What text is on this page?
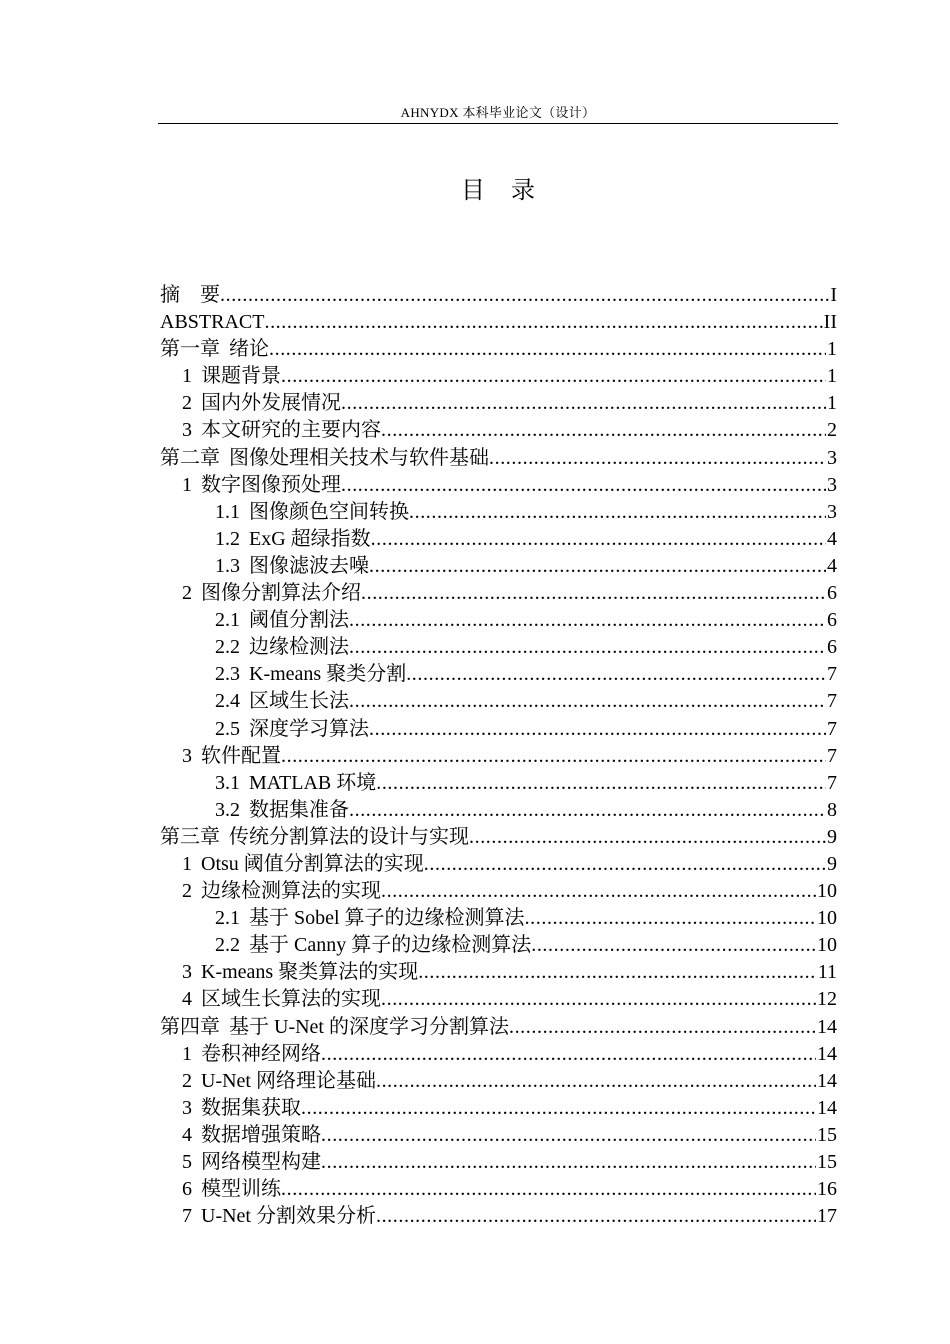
AHNYDX 本科毕业论文（设计）
目录
摘　要 .....	I
ABSTRACT .....	II
第一章 绪论 .....	1
1 课题背景 .....	1
2 国内外发展情况 .....	1
3 本文研究的主要内容 .....	2
第二章 图像处理相关技术与软件基础 .....	3
1 数字图像预处理 .....	3
1.1 图像颜色空间转换 .....	3
1.2 ExG 超绿指数 .....	4
1.3 图像滤波去噪 .....	4
2 图像分割算法介绍 .....	6
2.1 阈值分割法 .....	6
2.2 边缘检测法 .....	6
2.3 K-means 聚类分割 .....	7
2.4 区域生长法 .....	7
2.5 深度学习算法 .....	7
3 软件配置 .....	7
3.1 MATLAB 环境 .....	7
3.2 数据集准备 .....	8
第三章 传统分割算法的设计与实现 .....	9
1 Otsu 阈值分割算法的实现 .....	9
2 边缘检测算法的实现 .....	10
2.1 基于 Sobel 算子的边缘检测算法 .....	10
2.2 基于 Canny 算子的边缘检测算法 .....	10
3 K-means 聚类算法的实现 .....	11
4 区域生长算法的实现 .....	12
第四章 基于 U-Net 的深度学习分割算法 .....	14
1 卷积神经网络 .....	14
2 U-Net 网络理论基础 .....	14
3 数据集获取 .....	14
4 数据增强策略 .....	15
5 网络模型构建 .....	15
6 模型训练 .....	16
7 U-Net 分割效果分析 .....	17
